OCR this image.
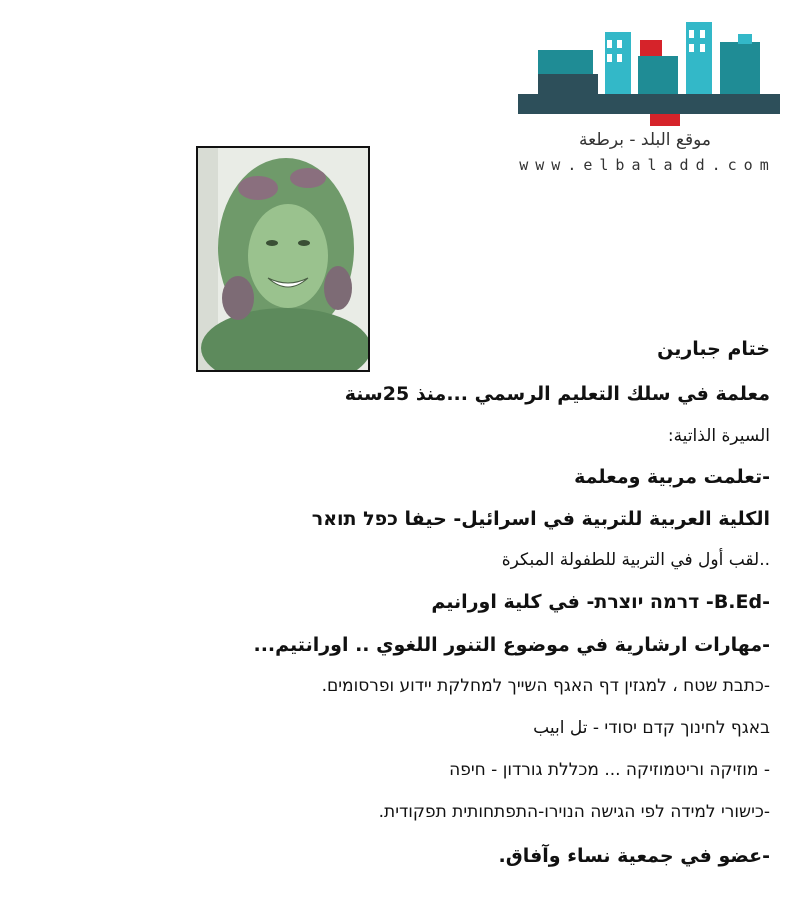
موقع البلد - برطعة
www.elbaladd.com
ختام جبارين
معلمة في سلك التعليم الرسمي ...منذ 25سنة
السيرة الذاتية:
-تعلمت مربية ومعلمة
الكلية العربية للتربية في اسرائيل- حيفا כפל תואר
..لقب أول في التربية للطفولة المبكرة
-B.Ed- דרמה יוצרת- في كلية اورانيم
-مهارات ارشارية في موضوع التنور اللغوي .. اورانتيم...
-כתבת שטח ، למגזין דף האגף השייך למחלקת יידוע ופרסומים.
באגף לחינוך קדם יסודי - تل ابيب
- מוזיקה וריטמוזיקה ... מכללת גורדון - חיפה
-כישורי למידה לפי הגישה הנוירו-התפתחותית תפקודית.
-عضو في جمعية نساء وآفاق.
